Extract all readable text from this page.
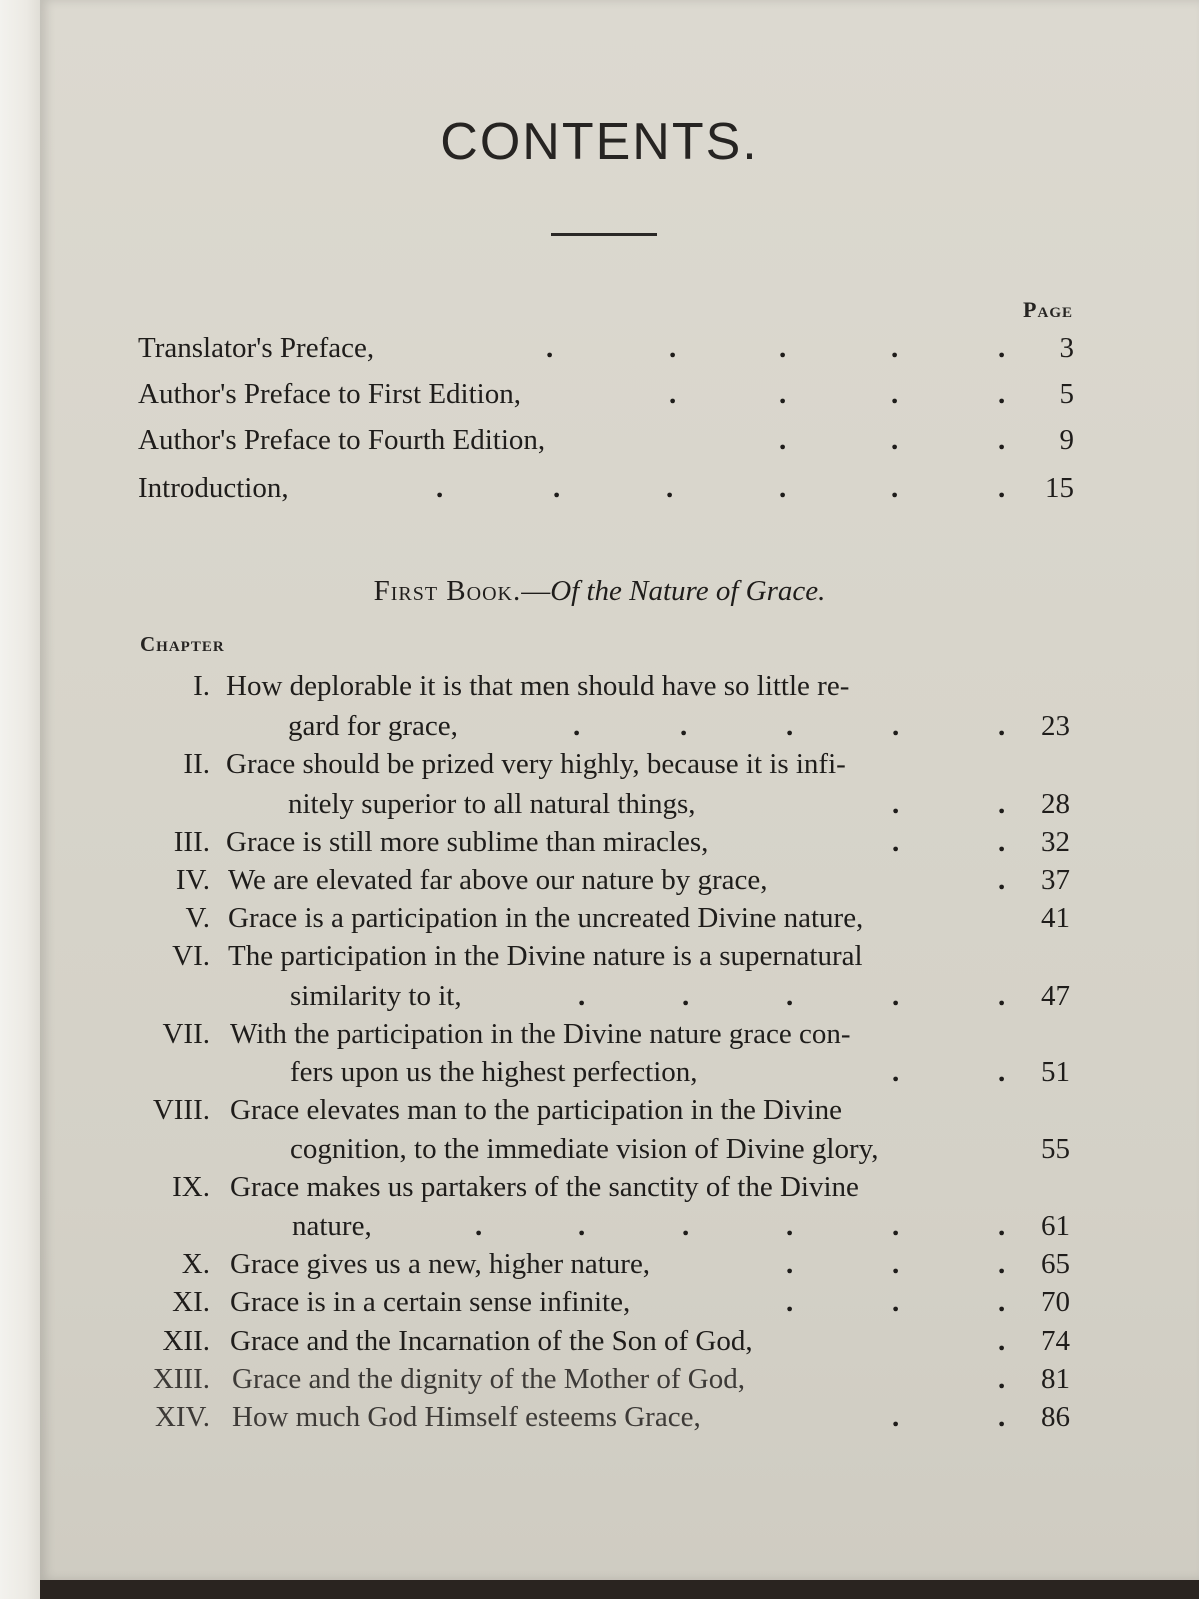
CONTENTS.
Page
Translator's Preface,	3
Author's Preface to First Edition,	5
Author's Preface to Fourth Edition,	9
Introduction,	15
.	.	.	.	.
.	.	.	.
.	.	.
.	.	.	.	.	.
First Book.—Of the Nature of Grace.
Chapter
I. How deplorable it is that men should have so little re-
gard for grace,	23
II. Grace should be prized very highly, because it is infi-
nitely superior to all natural things,	28
III. Grace is still more sublime than miracles,	32
IV. We are elevated far above our nature by grace,	37
V. Grace is a participation in the uncreated Divine nature,	41
VI. The participation in the Divine nature is a supernatural
similarity to it,	47
VII. With the participation in the Divine nature grace con-
fers upon us the highest perfection,	51
VIII. Grace elevates man to the participation in the Divine
cognition, to the immediate vision of Divine glory,	55
IX. Grace makes us partakers of the sanctity of the Divine
nature,	61
X. Grace gives us a new, higher nature,	65
XI. Grace is in a certain sense infinite,	70
XII. Grace and the Incarnation of the Son of God,	74
XIII. Grace and the dignity of the Mother of God,	81
XIV. How much God Himself esteems Grace,	86
.	.	.	.	.
.	.
.	.
.
.	.	.	.	.
.	.
.	.	.	.	.	.
.	.	.
.	.	.
.
.
.	.
